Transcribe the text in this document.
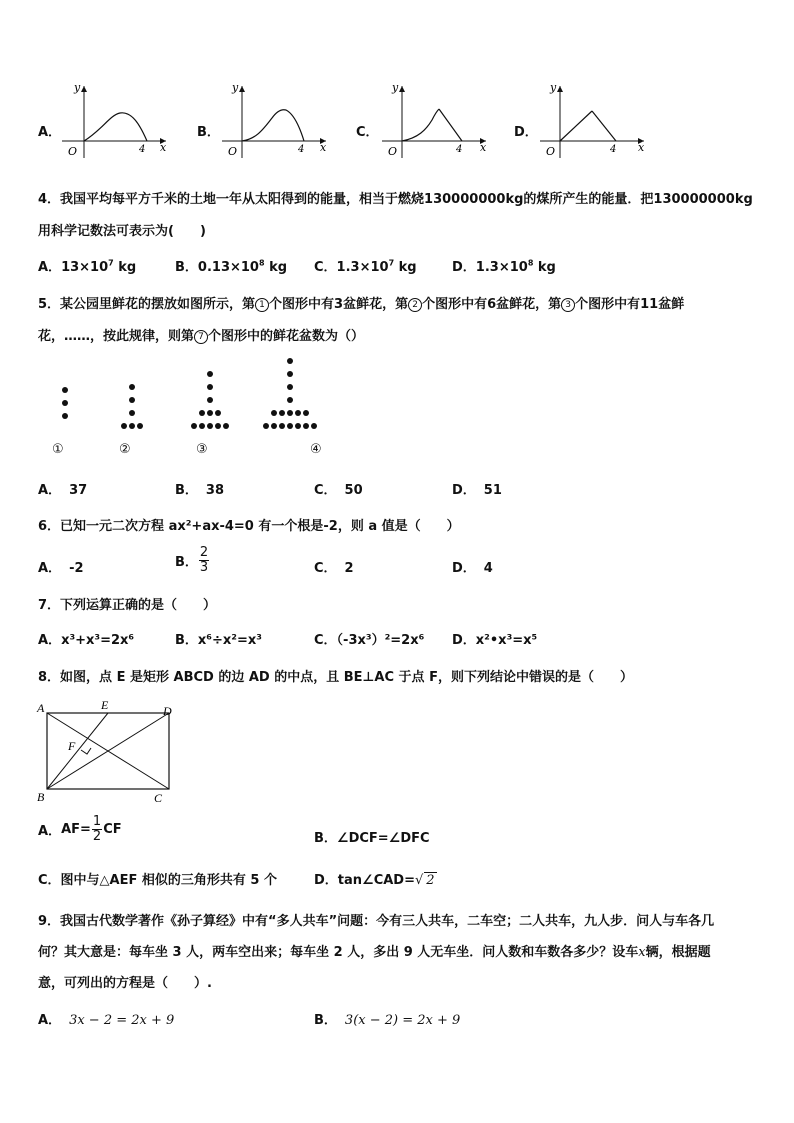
A．
y
x
O	4
B．
y
x
O	4
C．
y
x
O	4
D．
y
x
O	4
4．我国平均每平方千米的土地一年从太阳得到的能量，相当于燃烧130000000kg的煤所产生的能量．把130000000kg
用科学记数法可表示为(　　)
A．$13\times 10^7$ kg	B．$0.13\times 10^8$ kg C．$1.3\times 10^7$ kg	D．$1.3\times 10^8$ kg
5．某公园里鲜花的摆放如图所示，第 1 个图形中有3盆鲜花，第 2 个图形中有6盆鲜花，第 3 个图形中有11盆鲜
花，……，按此规律，则第 7 个图形中的鲜花盆数为（）
①	②	③	④
A． 37	B． 38	C． 50	D． 51
6．已知一元二次方程 ax²+ax-4=0 有一个根是-2，则 a 值是（　　）
A． -2	B． $\frac{2}{3}$	C． 2	D． 4
7．下列运算正确的是（　　）
A．x³+x³=2x⁶	B．x⁶÷x²=x³	C．（-3x³）²=2x⁶ D．x²•x³=x⁵
8．如图，点 E 是矩形 ABCD 的边 AD 的中点，且 BE⊥AC 于点 F，则下列结论中错误的是（　　）
A
B	C
D
E
F
A．$AF= \frac{1}{2}$ CF
B．∠DCF=∠DFC
C．图中与△AEF 相似的三角形共有 5 个	D．tan∠CAD=√ 2
9．我国古代数学著作《孙子算经》中有“多人共车”问题：今有三人共车，二车空；二人共车，九人步．问人与车各几
何？其大意是：每车坐 3 人，两车空出来；每车坐 2 人，多出 9 人无车坐．问人数和车数各多少？设车x辆，根据题
意，可列出的方程是（　　）.
A． 3x − 2 = 2x + 9	B． 3(x − 2) = 2x + 9
